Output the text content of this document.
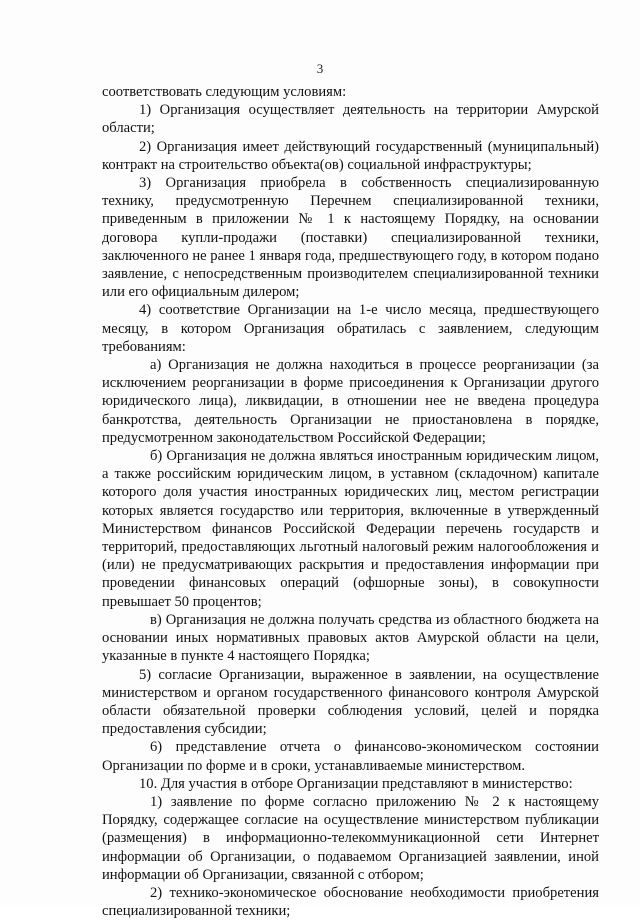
3

соответствовать следующим условиям:

1) Организация осуществляет деятельность на территории Амурской области;

2) Организация имеет действующий государственный (муниципальный) контракт на строительство объекта(ов) социальной инфраструктуры;

3) Организация приобрела в собственность специализированную технику, предусмотренную Перечнем специализированной техники, приведенным в приложении № 1 к настоящему Порядку, на основании договора купли-продажи (поставки) специализированной техники, заключенного не ранее 1 января года, предшествующего году, в котором подано заявление, с непосредственным производителем специализированной техники или его официальным дилером;

4) соответствие Организации на 1-е число месяца, предшествующего месяцу, в котором Организация обратилась с заявлением, следующим требованиям:

а) Организация не должна находиться в процессе реорганизации (за исключением реорганизации в форме присоединения к Организации другого юридического лица), ликвидации, в отношении нее не введена процедура банкротства, деятельность Организации не приостановлена в порядке, предусмотренном законодательством Российской Федерации;

б) Организация не должна являться иностранным юридическим лицом, а также российским юридическим лицом, в уставном (складочном) капитале которого доля участия иностранных юридических лиц, местом регистрации которых является государство или территория, включенные в утвержденный Министерством финансов Российской Федерации перечень государств и территорий, предоставляющих льготный налоговый режим налогообложения и (или) не предусматривающих раскрытия и предоставления информации при проведении финансовых операций (офшорные зоны), в совокупности превышает 50 процентов;

в) Организация не должна получать средства из областного бюджета на основании иных нормативных правовых актов Амурской области на цели, указанные в пункте 4 настоящего Порядка;

5) согласие Организации, выраженное в заявлении, на осуществление министерством и органом государственного финансового контроля Амурской области обязательной проверки соблюдения условий, целей и порядка предоставления субсидии;

6) представление отчета о финансово-экономическом состоянии Организации по форме и в сроки, устанавливаемые министерством.

10. Для участия в отборе Организации представляют в министерство:

1) заявление по форме согласно приложению № 2 к настоящему Порядку, содержащее согласие на осуществление министерством публикации (размещения) в информационно-телекоммуникационной сети Интернет информации об Организации, о подаваемом Организацией заявлении, иной информации об Организации, связанной с отбором;

2) технико-экономическое обоснование необходимости приобретения специализированной техники;
